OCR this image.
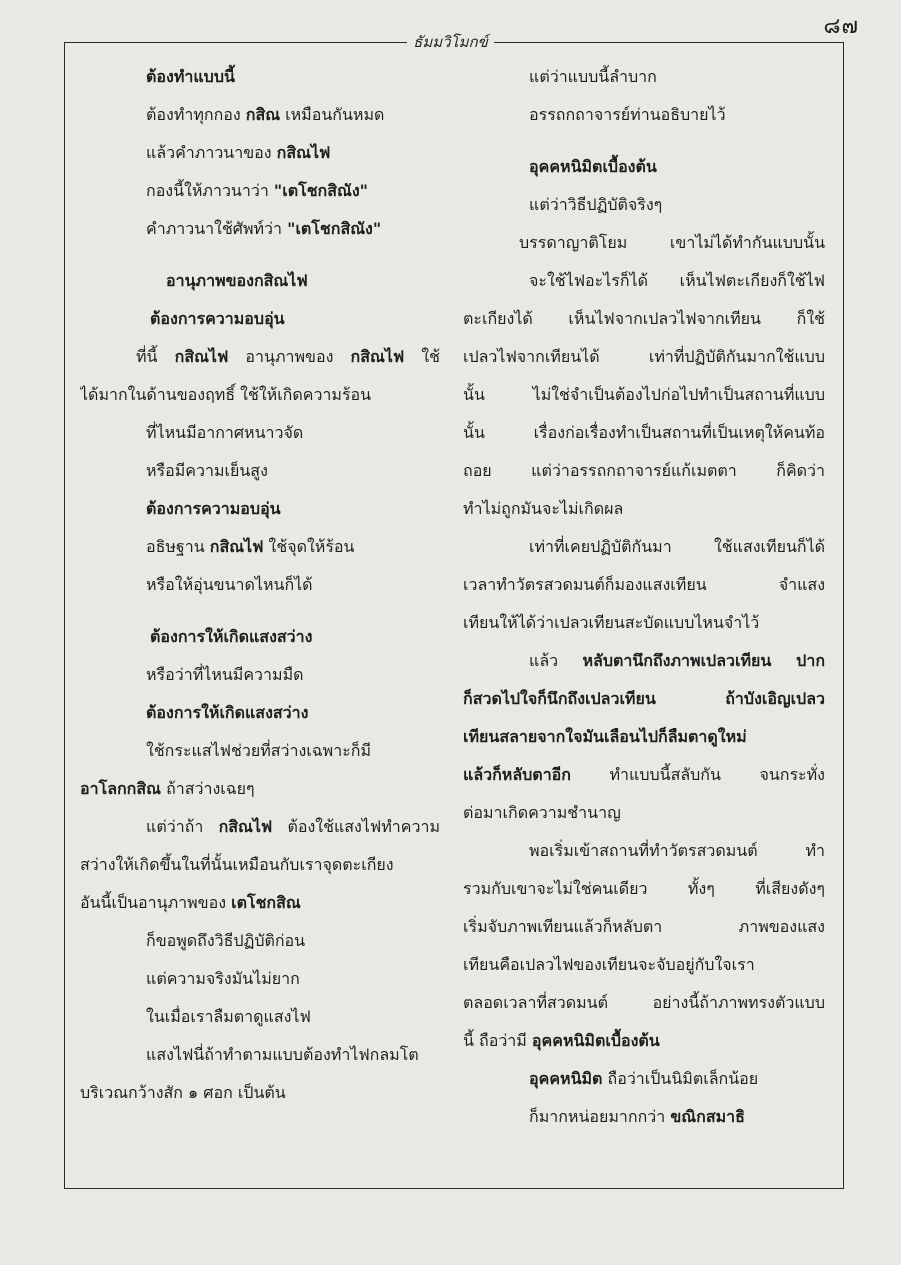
๘๗
ธัมมวิโมกข์
ต้องทำแบบนี้
ต้องทำทุกกอง กสิณ เหมือนกันหมด
แล้วคำภาวนาของ กสิณไฟ
กองนี้ให้ภาวนาว่า "เตโชกสิณัง"
คำภาวนาใช้ศัพท์ว่า "เตโชกสิณัง"
อานุภาพของกสิณไฟ
ต้องการความอบอุ่น
ที่นี้ กสิณไฟ อานุภาพของ กสิณไฟ ใช้
ได้มากในด้านของฤทธิ์ ใช้ให้เกิดความร้อน
ที่ไหนมีอากาศหนาวจัด
หรือมีความเย็นสูง
ต้องการความอบอุ่น
อธิษฐาน กสิณไฟ ใช้จุดให้ร้อน
หรือให้อุ่นขนาดไหนก็ได้
ต้องการให้เกิดแสงสว่าง
หรือว่าที่ไหนมีความมืด
ต้องการให้เกิดแสงสว่าง
ใช้กระแสไฟช่วยที่สว่างเฉพาะก็มี
อาโลกกสิณ ถ้าสว่างเฉยๆ
แต่ว่าถ้า กสิณไฟ ต้องใช้แสงไฟทำความ
สว่างให้เกิดขึ้นในที่นั้นเหมือนกับเราจุดตะเกียง
อันนี้เป็นอานุภาพของ เตโชกสิณ
ก็ขอพูดถึงวิธีปฏิบัติก่อน
แต่ความจริงมันไม่ยาก
ในเมื่อเราลืมตาดูแสงไฟ
แสงไฟนี่ถ้าทำตามแบบต้องทำไฟกลมโต
บริเวณกว้างสัก ๑ ศอก เป็นต้น
แต่ว่าแบบนี้ลำบาก
อรรถกถาจารย์ท่านอธิบายไว้
อุคคหนิมิตเบื้องต้น
แต่ว่าวิธีปฏิบัติจริงๆ
บรรดาญาติโยม เขาไม่ได้ทำกันแบบนั้น
จะใช้ไฟอะไรก็ได้ เห็นไฟตะเกียงก็ใช้ไฟ
ตะเกียงได้ เห็นไฟจากเปลวไฟจากเทียน ก็ใช้
เปลวไฟจากเทียนได้ เท่าที่ปฏิบัติกันมากใช้แบบ
นั้น ไม่ใช่จำเป็นต้องไปก่อไปทำเป็นสถานที่แบบ
นั้น เรื่องก่อเรื่องทำเป็นสถานที่เป็นเหตุให้คนท้อ
ถอย แต่ว่าอรรถกถาจารย์แก้เมตตา ก็คิดว่า
ทำไม่ถูกมันจะไม่เกิดผล
เท่าที่เคยปฏิบัติกันมา ใช้แสงเทียนก็ได้
เวลาทำวัตรสวดมนต์ก็มองแสงเทียน จำแสง
เทียนให้ได้ว่าเปลวเทียนสะบัดแบบไหนจำไว้
แล้ว หลับตานึกถึงภาพเปลวเทียน ปาก
ก็สวดไปใจก็นึกถึงเปลวเทียน ถ้าบังเอิญเปลว
เทียนสลายจากใจมันเลือนไปก็ลืมตาดูใหม่
แล้วก็หลับตาอีก ทำแบบนี้สลับกัน จนกระทั่ง
ต่อมาเกิดความชำนาญ
พอเริ่มเข้าสถานที่ทำวัตรสวดมนต์ ทำ
รวมกับเขาจะไม่ใช่คนเดียว ทั้งๆ ที่เสียงดังๆ
เริ่มจับภาพเทียนแล้วก็หลับตา ภาพของแสง
เทียนคือเปลวไฟของเทียนจะจับอยู่กับใจเรา
ตลอดเวลาที่สวดมนต์ อย่างนี้ถ้าภาพทรงตัวแบบ
นี้ ถือว่ามี อุคคหนิมิตเบื้องต้น
อุคคหนิมิต ถือว่าเป็นนิมิตเล็กน้อย
ก็มากหน่อยมากกว่า ขณิกสมาธิ
